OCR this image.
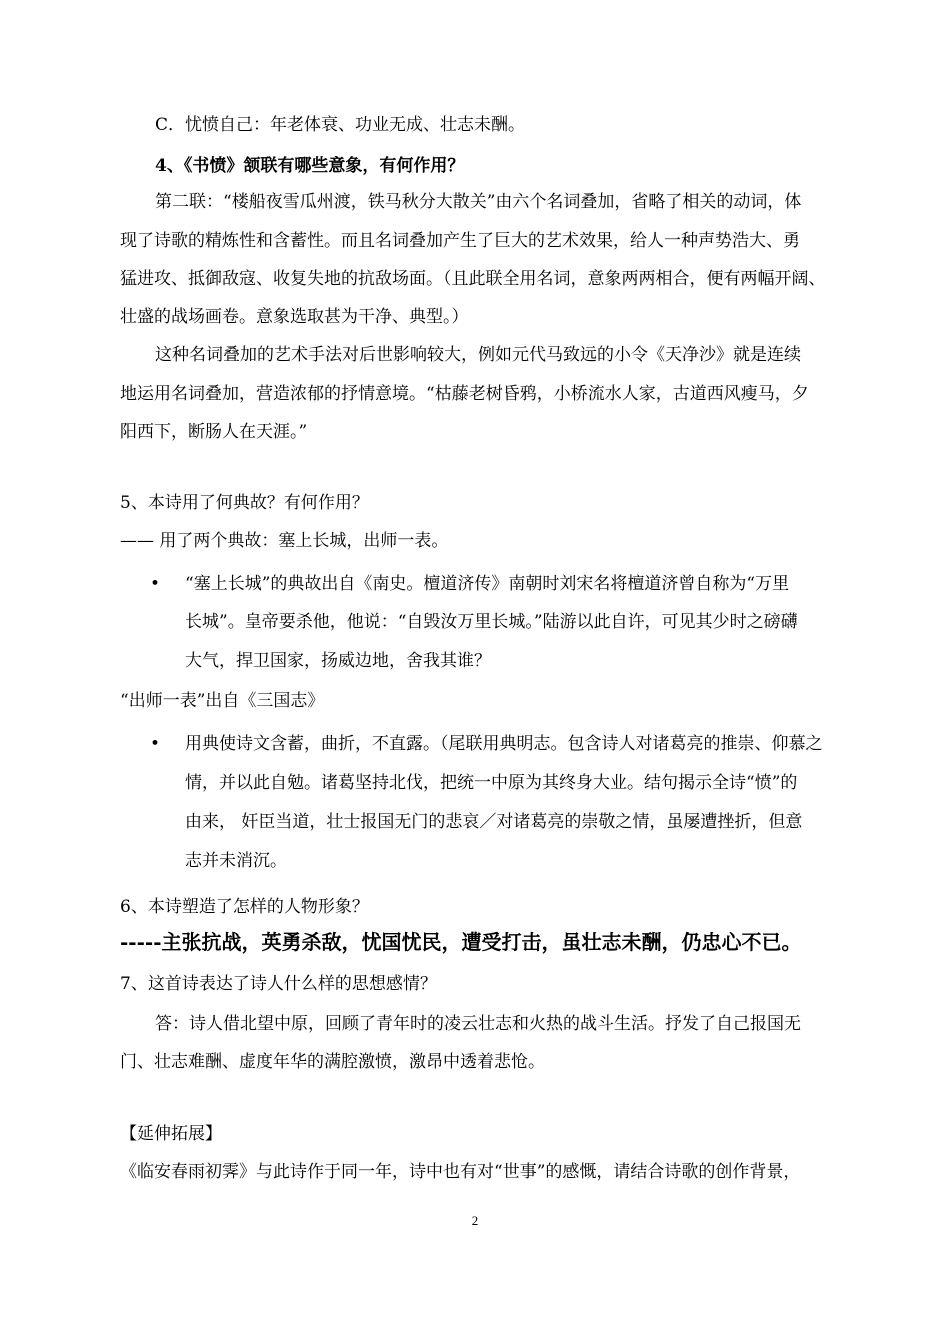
C．忧愤自己：年老体衰、功业无成、壮志未酬。
4、《书愤》颔联有哪些意象，有何作用？
第二联：“楼船夜雪瓜州渡，铁马秋分大散关”由六个名词叠加，省略了相关的动词，体
现了诗歌的精炼性和含蓄性。而且名词叠加产生了巨大的艺术效果，给人一种声势浩大、勇
猛进攻、抵御敌寇、收复失地的抗敌场面。（且此联全用名词，意象两两相合，便有两幅开阔、
壮盛的战场画卷。意象选取甚为干净、典型。）
这种名词叠加的艺术手法对后世影响较大，例如元代马致远的小令《天净沙》就是连续
地运用名词叠加，营造浓郁的抒情意境。“枯藤老树昏鸦，小桥流水人家，古道西风瘦马，夕
阳西下，断肠人在天涯。”
5、本诗用了何典故？有何作用？
—— 用了两个典故：塞上长城，出师一表。
• “塞上长城”的典故出自《南史。檀道济传》南朝时刘宋名将檀道济曾自称为“万里
长城”。皇帝要杀他，他说：“自毁汝万里长城。”陆游以此自许，可见其少时之磅礴
大气，捍卫国家，扬威边地，舍我其谁？
“出师一表”出自《三国志》
• 用典使诗文含蓄，曲折，不直露。（尾联用典明志。包含诗人对诸葛亮的推崇、仰慕之
情，并以此自勉。诸葛坚持北伐，把统一中原为其终身大业。结句揭示全诗“愤”的
由来， 奸臣当道，壮士报国无门的悲哀／对诸葛亮的崇敬之情，虽屡遭挫折，但意
志并未消沉。
6、本诗塑造了怎样的人物形象？
-----主张抗战，英勇杀敌，忧国忧民，遭受打击，虽壮志未酬，仍忠心不已。
7、这首诗表达了诗人什么样的思想感情？
答：诗人借北望中原，回顾了青年时的凌云壮志和火热的战斗生活。抒发了自己报国无
门、壮志难酬、虚度年华的满腔激愤，激昂中透着悲怆。
【延伸拓展】
《临安春雨初霁》与此诗作于同一年，诗中也有对“世事”的感慨，请结合诗歌的创作背景，
2
